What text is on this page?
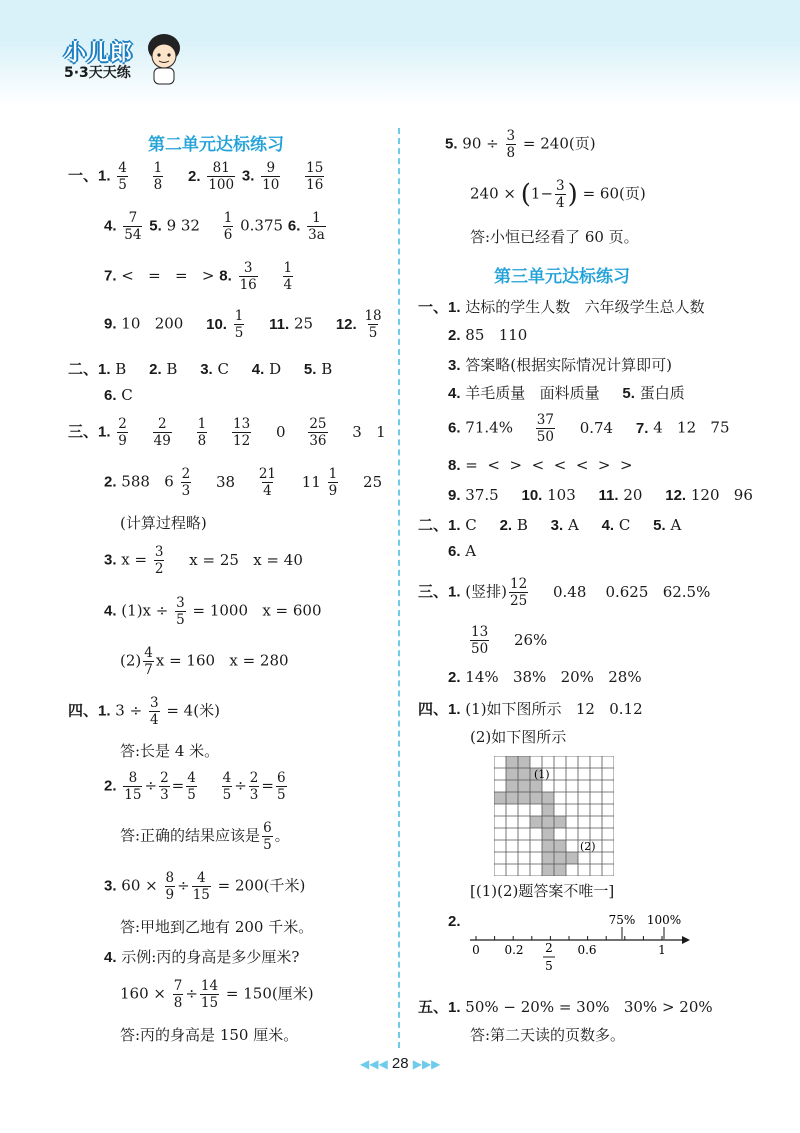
小儿郎
5·3天天练
第二单元达标练习
一、1. $\frac{4}{5}$
$\frac{1}{8} 2$. $\frac{81}{100} 3$. $\frac{9}{10}$
$\frac{15}{16}$
4. $\frac{7}{54} 5$. 9 $32 \frac{1}{6} 0.375$ 6. $\frac{1}{3a}$
7. <   =   =   > 8. $\frac{3}{16}$
$\frac{1}{4}$
9. 10   200 10. $\frac{1}{5} 11$. 25 12. $\frac{18}{5}$
二、1. B 2. B 3. C 4. D 5. B
6. C
三、1. $\frac{2}{9}$
$\frac{2}{49}$
$\frac{1}{8}$
$\frac{13}{12} 0 \frac{25}{36} 3$   1
2. 588   $6 \frac{2}{3} 38 \frac{21}{4} 11 \frac{1}{9} 25$
(计算过程略)
3. $x = \frac{3}{2}$ x = 25   x = 40
4. $(1)x \div \frac{3}{5} = 1000$   x = 600
$(2) \frac{4}{7}$ x = 160   x = 280
四、1. $3 \div \frac{3}{4} = 4$(米)
答:长是 4 米。
2. $\frac{8}{15} \div \frac{2}{3} = \frac{4}{5}$
$\frac{4}{5} \div \frac{2}{3} = \frac{6}{5}$
答:正确的结果应该是 $\frac{6}{5}$ 。
3. $60 \times \frac{8}{9} \div \frac{4}{15} = 200$(千米)
答:甲地到乙地有 200 千米。
4. 示例:丙的身高是多少厘米?
$160 \times \frac{7}{8} \div \frac{14}{15} = 150$(厘米)
答:丙的身高是 150 厘米。
5. $90 \div \frac{3}{8} = 240$(页)
$240 \times (1- \frac{3}{4}$ ) = 60(页)
答:小恒已经看了 60 页。
第三单元达标练习
一、1. 达标的学生人数   六年级学生总人数
2. 85   110
3. 答案略(根据实际情况计算即可)
4. 羊毛质量   面料质量 5. 蛋白质
6. $71.4\% \frac{37}{50} 0.74$ 7. 4   12   75
8. =  <  >  <  <  <  >  >
9. 37.5 10. 103 11. 20 12. 120   96
二、1. C 2. B 3. A 4. C 5. A
6. A
三、1. (竖排) $\frac{12}{25} 0.48$    0.625   62.5%
$\frac{13}{50} 26\%$
2. 14%   38%   20%   28%
四、1. (1)如下图所示   12   0.12
(2)如下图所示
(1)
(2)
[(1)(2)题答案不唯一]
2.	75% 100%
0 0.2 2
5
0.6	1
五、1. 50% − 20% = 30%   30% > 20%
答:第二天读的页数多。
◀◀◀ 28 ▶▶▶
